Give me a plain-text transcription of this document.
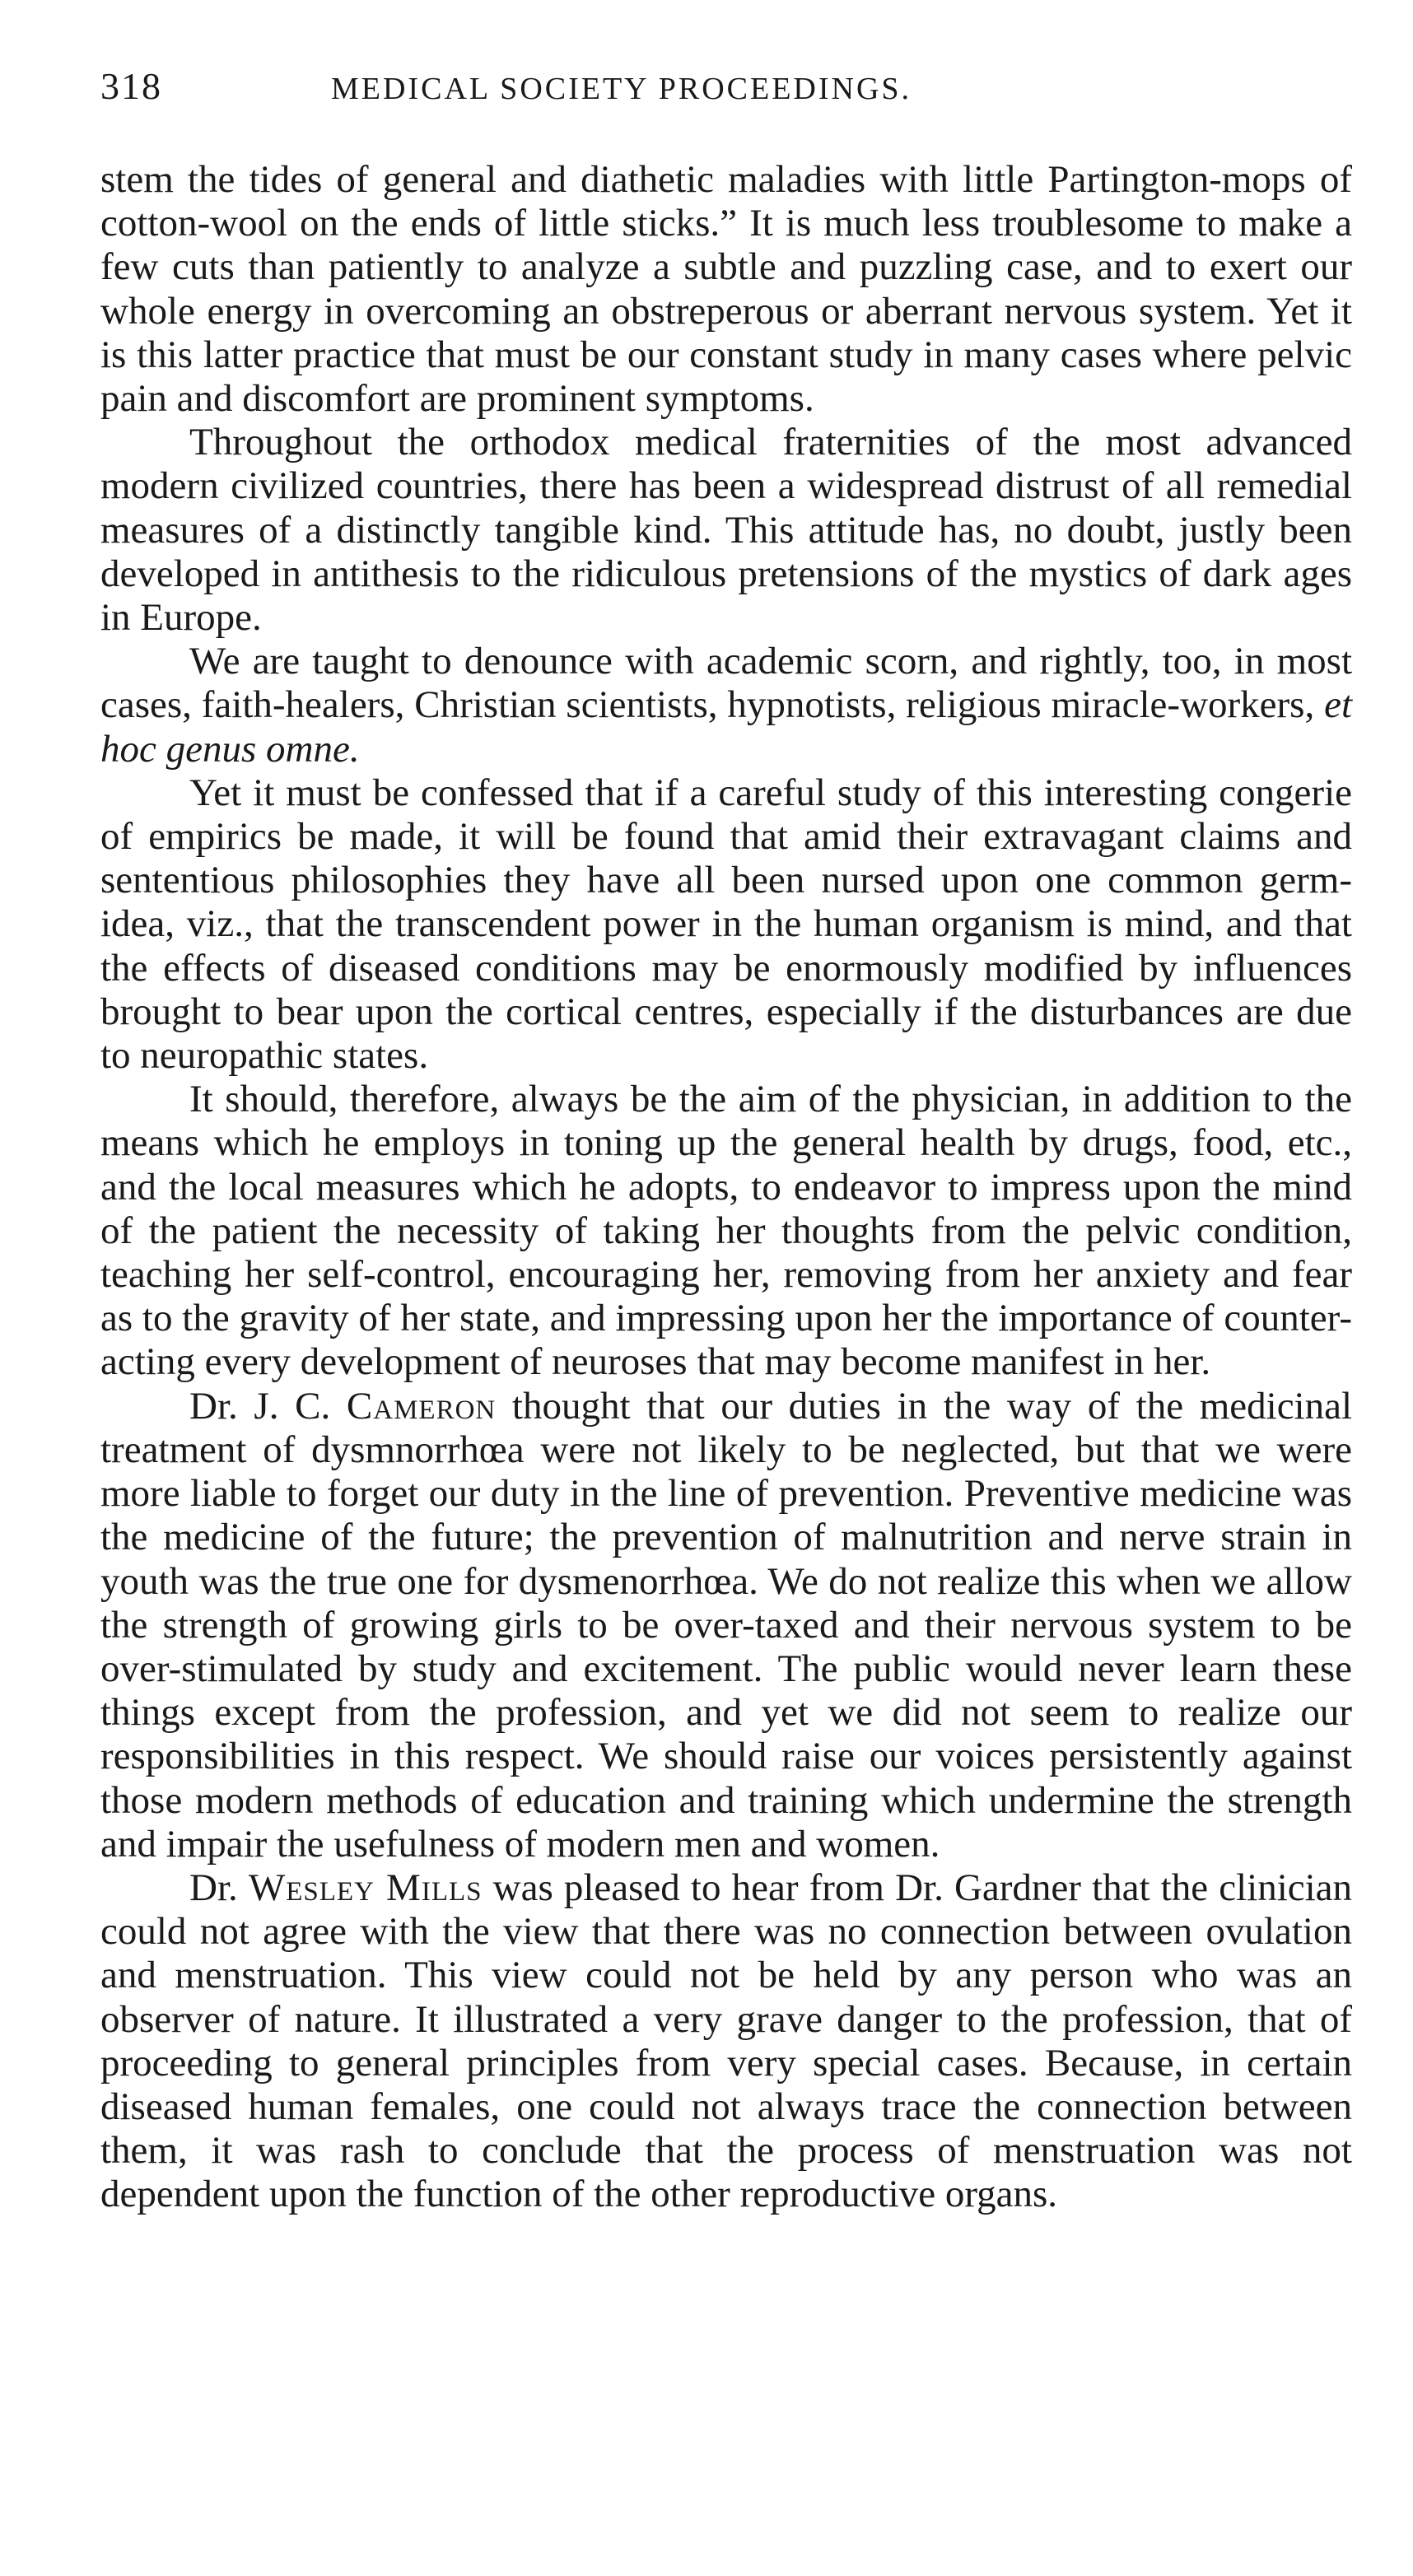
318	MEDICAL SOCIETY PROCEEDINGS.

stem the tides of general and diathetic maladies with little Partington-mops of cotton-wool on the ends of little sticks.” It is much less troublesome to make a few cuts than patiently to analyze a subtle and puzzling case, and to exert our whole energy in overcoming an obstreperous or aberrant nervous system. Yet it is this latter practice that must be our constant study in many cases where pelvic pain and discomfort are prominent symptoms.

Throughout the orthodox medical fraternities of the most advanced modern civilized countries, there has been a widespread distrust of all remedial measures of a distinctly tangible kind. This attitude has, no doubt, justly been developed in antithesis to the ridiculous pretensions of the mystics of dark ages in Europe.

We are taught to denounce with academic scorn, and rightly, too, in most cases, faith-healers, Christian scientists, hypnotists, religious miracle-workers, et hoc genus omne.

Yet it must be confessed that if a careful study of this interesting congerie of empirics be made, it will be found that amid their extravagant claims and sententious philosophies they have all been nursed upon one common germ-idea, viz., that the transcendent power in the human organism is mind, and that the effects of diseased conditions may be enormously modified by influences brought to bear upon the cortical centres, especially if the disturbances are due to neuropathic states.

It should, therefore, always be the aim of the physician, in addition to the means which he employs in toning up the general health by drugs, food, etc., and the local measures which he adopts, to endeavor to impress upon the mind of the patient the necessity of taking her thoughts from the pelvic condition, teaching her self-control, encouraging her, removing from her anxiety and fear as to the gravity of her state, and impressing upon her the importance of counter-acting every development of neuroses that may become manifest in her.

Dr. J. C. Cameron thought that our duties in the way of the medicinal treatment of dysmnorrhœa were not likely to be neglected, but that we were more liable to forget our duty in the line of prevention. Preventive medicine was the medicine of the future; the prevention of malnutrition and nerve strain in youth was the true one for dysmenorrhœa. We do not realize this when we allow the strength of growing girls to be over-taxed and their nervous system to be over-stimulated by study and excitement. The public would never learn these things except from the profession, and yet we did not seem to realize our responsibilities in this respect. We should raise our voices persistently against those modern methods of education and training which undermine the strength and impair the usefulness of modern men and women.

Dr. Wesley Mills was pleased to hear from Dr. Gardner that the clinician could not agree with the view that there was no connection between ovulation and menstruation. This view could not be held by any person who was an observer of nature. It illustrated a very grave danger to the profession, that of proceeding to general principles from very special cases. Because, in certain diseased human females, one could not always trace the connection between them, it was rash to conclude that the process of menstruation was not dependent upon the function of the other reproductive organs.
